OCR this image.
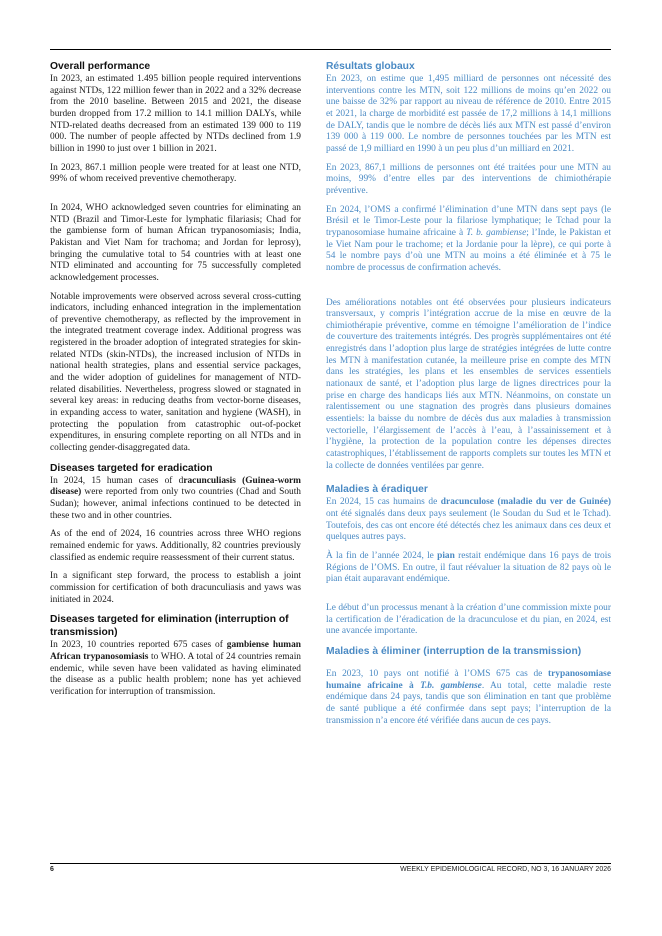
Overall performance

In 2023, an estimated 1.495 billion people required interventions against NTDs, 122 million fewer than in 2022 and a 32% decrease from the 2010 baseline. Between 2015 and 2021, the disease burden dropped from 17.2 million to 14.1 million DALYs, while NTD-related deaths decreased from an estimated 139 000 to 119 000. The number of people affected by NTDs declined from 1.9 billion in 1990 to just over 1 billion in 2021.

In 2023, 867.1 million people were treated for at least one NTD, 99% of whom received preventive chemotherapy.

In 2024, WHO acknowledged seven countries for eliminating an NTD (Brazil and Timor-Leste for lymphatic filariasis; Chad for the gambiense form of human African trypanosomiasis; India, Pakistan and Viet Nam for trachoma; and Jordan for leprosy), bringing the cumulative total to 54 countries with at least one NTD eliminated and accounting for 75 successfully completed acknowledgement processes.

Notable improvements were observed across several cross-cutting indicators, including enhanced integration in the implementation of preventive chemotherapy, as reflected by the improvement in the integrated treatment coverage index. Additional progress was registered in the broader adoption of integrated strategies for skin-related NTDs (skin-NTDs), the increased inclusion of NTDs in national health strategies, plans and essential service packages, and the wider adoption of guidelines for management of NTD-related disabilities. Nevertheless, progress slowed or stagnated in several key areas: in reducing deaths from vector-borne diseases, in expanding access to water, sanitation and hygiene (WASH), in protecting the population from catastrophic out-of-pocket expenditures, in ensuring complete reporting on all NTDs and in collecting gender-disaggregated data.

Diseases targeted for eradication

In 2024, 15 human cases of dracunculiasis (Guinea-worm disease) were reported from only two countries (Chad and South Sudan); however, animal infections continued to be detected in these two and in other countries.

As of the end of 2024, 16 countries across three WHO regions remained endemic for yaws. Additionally, 82 countries previously classified as endemic require reassessment of their current status.

In a significant step forward, the process to establish a joint commission for certification of both dracunculiasis and yaws was initiated in 2024.

Diseases targeted for elimination (interruption of transmission)

In 2023, 10 countries reported 675 cases of gambiense human African trypanosomiasis to WHO. A total of 24 countries remain endemic, while seven have been validated as having eliminated the disease as a public health problem; none has yet achieved verification for interruption of transmission.

Résultats globaux

En 2023, on estime que 1,495 milliard de personnes ont nécessité des interventions contre les MTN, soit 122 millions de moins qu’en 2022 ou une baisse de 32% par rapport au niveau de référence de 2010. Entre 2015 et 2021, la charge de morbidité est passée de 17,2 millions à 14,1 millions de DALY, tandis que le nombre de décès liés aux MTN est passé d’environ 139 000 à 119 000. Le nombre de personnes touchées par les MTN est passé de 1,9 milliard en 1990 à un peu plus d’un milliard en 2021.

En 2023, 867,1 millions de personnes ont été traitées pour une MTN au moins, 99% d’entre elles par des interventions de chimiothérapie préventive.

En 2024, l’OMS a confirmé l’élimination d’une MTN dans sept pays (le Brésil et le Timor-Leste pour la filariose lymphatique; le Tchad pour la trypanosomiase humaine africaine à T. b. gambiense; l’Inde, le Pakistan et le Viet Nam pour le trachome; et la Jordanie pour la lèpre), ce qui porte à 54 le nombre pays d’où une MTN au moins a été éliminée et à 75 le nombre de processus de confirmation achevés.

Des améliorations notables ont été observées pour plusieurs indicateurs transversaux, y compris l’intégration accrue de la mise en œuvre de la chimiothérapie préventive, comme en témoigne l’amélioration de l’indice de couverture des traitements intégrés. Des progrès supplémentaires ont été enregistrés dans l’adoption plus large de stratégies intégrées de lutte contre les MTN à manifestation cutanée, la meilleure prise en compte des MTN dans les stratégies, les plans et les ensembles de services essentiels nationaux de santé, et l’adoption plus large de lignes directrices pour la prise en charge des handicaps liés aux MTN. Néanmoins, on constate un ralentissement ou une stagnation des progrès dans plusieurs domaines essentiels: la baisse du nombre de décès dus aux maladies à transmission vectorielle, l’élargissement de l’accès à l’eau, à l’assainissement et à l’hygiène, la protection de la population contre les dépenses directes catastrophiques, l’établissement de rapports complets sur toutes les MTN et la collecte de données ventilées par genre.

Maladies à éradiquer

En 2024, 15 cas humains de dracunculose (maladie du ver de Guinée) ont été signalés dans deux pays seulement (le Soudan du Sud et le Tchad). Toutefois, des cas ont encore été détectés chez les animaux dans ces deux et quelques autres pays.

À la fin de l’année 2024, le pian restait endémique dans 16 pays de trois Régions de l’OMS. En outre, il faut réévaluer la situation de 82 pays où le pian était auparavant endémique.

Le début d’un processus menant à la création d’une commission mixte pour la certification de l’éradication de la dracunculose et du pian, en 2024, est une avancée importante.

Maladies à éliminer (interruption de la transmission)

En 2023, 10 pays ont notifié à l’OMS 675 cas de trypanosomiase humaine africaine à T.b. gambiense. Au total, cette maladie reste endémique dans 24 pays, tandis que son élimination en tant que problème de santé publique a été confirmée dans sept pays; l’interruption de la transmission n’a encore été vérifiée dans aucun de ces pays.

6	WEEKLY EPIDEMIOLOGICAL RECORD, NO 3, 16 JANUARY 2026
